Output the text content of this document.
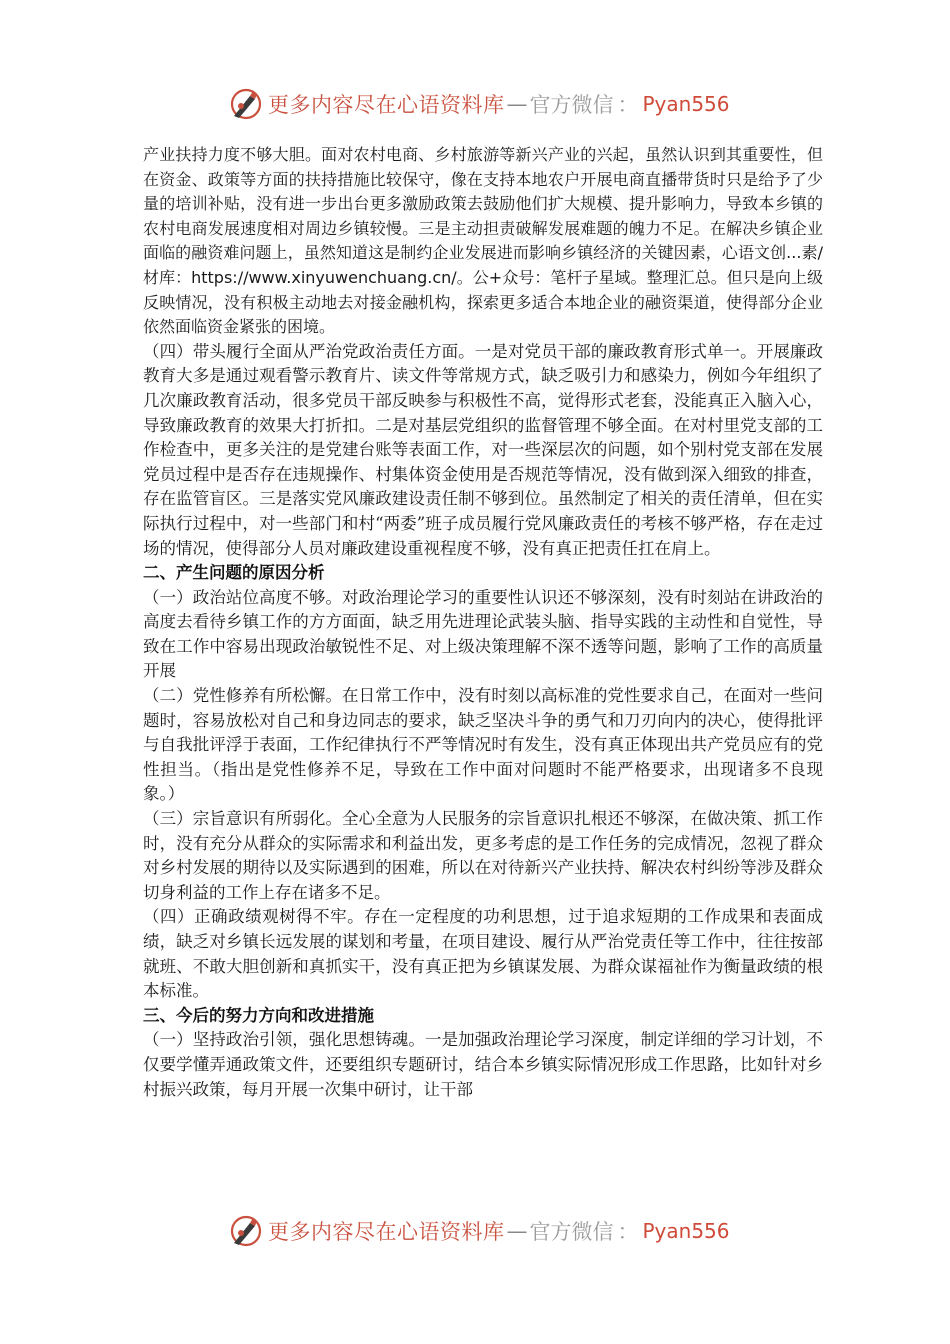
更多内容尽在心语资料库 — 官方微信 ： Pyan556

产业扶持力度不够大胆。面对农村电商、乡村旅游等新兴产业的兴起，虽然认识到其重要性，但在资金、政策等方面的扶持措施比较保守，像在支持本地农户开展电商直播带货时只是给予了少量的培训补贴，没有进一步出台更多激励政策去鼓励他们扩大规模、提升影响力，导致本乡镇的农村电商发展速度相对周边乡镇较慢。三是主动担责破解发展难题的魄力不足。在解决乡镇企业面临的融资难问题上，虽然知道这是制约企业发展进而影响乡镇经济的关键因素，心语文创...素/材库：https://www.xinyuwenchuang.cn/。公+众号：笔杆子星域。整理汇总。但只是向上级反映情况，没有积极主动地去对接金融机构，探索更多适合本地企业的融资渠道，使得部分企业依然面临资金紧张的困境。

（四）带头履行全面从严治党政治责任方面。一是对党员干部的廉政教育形式单一。开展廉政教育大多是通过观看警示教育片、读文件等常规方式，缺乏吸引力和感染力，例如今年组织了几次廉政教育活动，很多党员干部反映参与积极性不高，觉得形式老套，没能真正入脑入心，导致廉政教育的效果大打折扣。二是对基层党组织的监督管理不够全面。在对村里党支部的工作检查中，更多关注的是党建台账等表面工作，对一些深层次的问题，如个别村党支部在发展党员过程中是否存在违规操作、村集体资金使用是否规范等情况，没有做到深入细致的排查，存在监管盲区。三是落实党风廉政建设责任制不够到位。虽然制定了相关的责任清单，但在实际执行过程中，对一些部门和村“两委”班子成员履行党风廉政责任的考核不够严格，存在走过场的情况，使得部分人员对廉政建设重视程度不够，没有真正把责任扛在肩上。

二、产生问题的原因分析

（一）政治站位高度不够。对政治理论学习的重要性认识还不够深刻，没有时刻站在讲政治的高度去看待乡镇工作的方方面面，缺乏用先进理论武装头脑、指导实践的主动性和自觉性，导致在工作中容易出现政治敏锐性不足、对上级决策理解不深不透等问题，影响了工作的高质量开展

（二）党性修养有所松懈。在日常工作中，没有时刻以高标准的党性要求自己，在面对一些问题时，容易放松对自己和身边同志的要求，缺乏坚决斗争的勇气和刀刃向内的决心，使得批评与自我批评浮于表面，工作纪律执行不严等情况时有发生，没有真正体现出共产党员应有的党性担当。（指出是党性修养不足，导致在工作中面对问题时不能严格要求，出现诸多不良现象。）

（三）宗旨意识有所弱化。全心全意为人民服务的宗旨意识扎根还不够深，在做决策、抓工作时，没有充分从群众的实际需求和利益出发，更多考虑的是工作任务的完成情况，忽视了群众对乡村发展的期待以及实际遇到的困难，所以在对待新兴产业扶持、解决农村纠纷等涉及群众切身利益的工作上存在诸多不足。

（四）正确政绩观树得不牢。存在一定程度的功利思想，过于追求短期的工作成果和表面成绩，缺乏对乡镇长远发展的谋划和考量，在项目建设、履行从严治党责任等工作中，往往按部就班、不敢大胆创新和真抓实干，没有真正把为乡镇谋发展、为群众谋福祉作为衡量政绩的根本标准。

三、今后的努力方向和改进措施

（一）坚持政治引领，强化思想铸魂。一是加强政治理论学习深度，制定详细的学习计划，不仅要学懂弄通政策文件，还要组织专题研讨，结合本乡镇实际情况形成工作思路，比如针对乡村振兴政策，每月开展一次集中研讨，让干部

更多内容尽在心语资料库 — 官方微信 ： Pyan556
